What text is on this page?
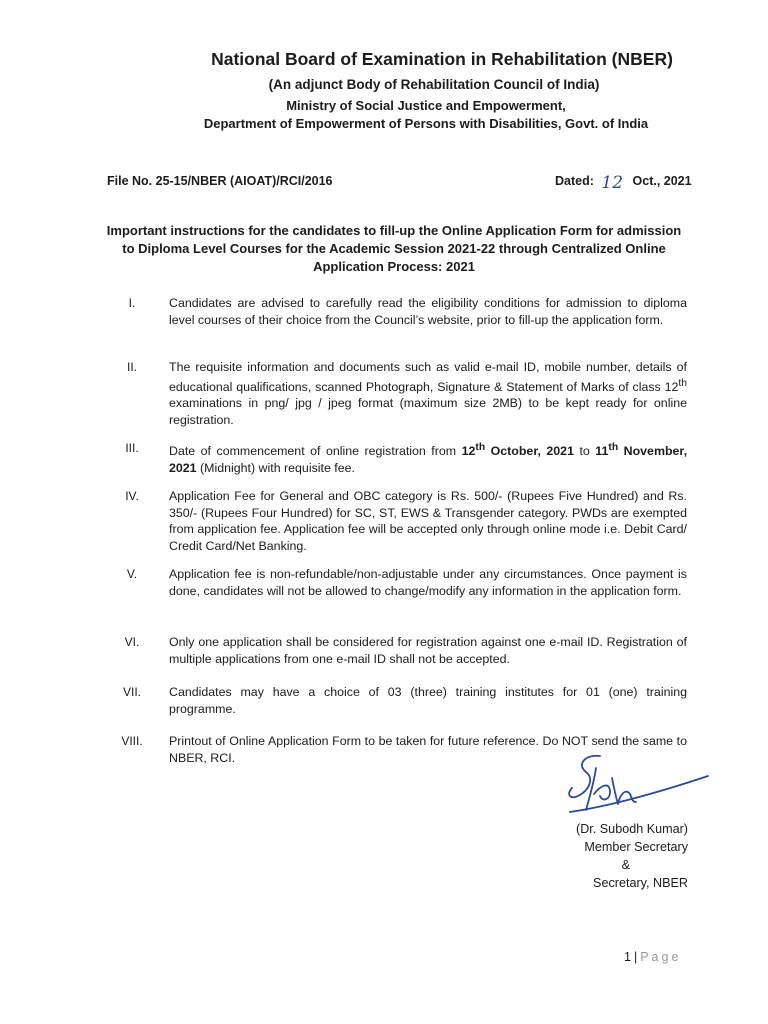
National Board of Examination in Rehabilitation (NBER)
(An adjunct Body of Rehabilitation Council of India)
Ministry of Social Justice and Empowerment,
Department of Empowerment of Persons with Disabilities, Govt. of India
File No. 25-15/NBER (AIOAT)/RCI/2016	Dated: 12 Oct., 2021
Important instructions for the candidates to fill-up the Online Application Form for admission to Diploma Level Courses for the Academic Session 2021-22 through Centralized Online Application Process: 2021
I.	Candidates are advised to carefully read the eligibility conditions for admission to diploma level courses of their choice from the Council’s website, prior to fill-up the application form.
II.	The requisite information and documents such as valid e-mail ID, mobile number, details of educational qualifications, scanned Photograph, Signature & Statement of Marks of class 12th examinations in png/ jpg / jpeg format (maximum size 2MB) to be kept ready for online registration.
III.	Date of commencement of online registration from 12th October, 2021 to 11th November, 2021 (Midnight) with requisite fee.
IV.	Application Fee for General and OBC category is Rs. 500/- (Rupees Five Hundred) and Rs. 350/- (Rupees Four Hundred) for SC, ST, EWS & Transgender category. PWDs are exempted from application fee. Application fee will be accepted only through online mode i.e. Debit Card/ Credit Card/Net Banking.
V.	Application fee is non-refundable/non-adjustable under any circumstances. Once payment is done, candidates will not be allowed to change/modify any information in the application form.
VI.	Only one application shall be considered for registration against one e-mail ID. Registration of multiple applications from one e-mail ID shall not be accepted.
VII.	Candidates may have a choice of 03 (three) training institutes for 01 (one) training programme.
VIII.	Printout of Online Application Form to be taken for future reference. Do NOT send the same to NBER, RCI.
(Dr. Subodh Kumar)
Member Secretary
&
Secretary, NBER
1 | Page
